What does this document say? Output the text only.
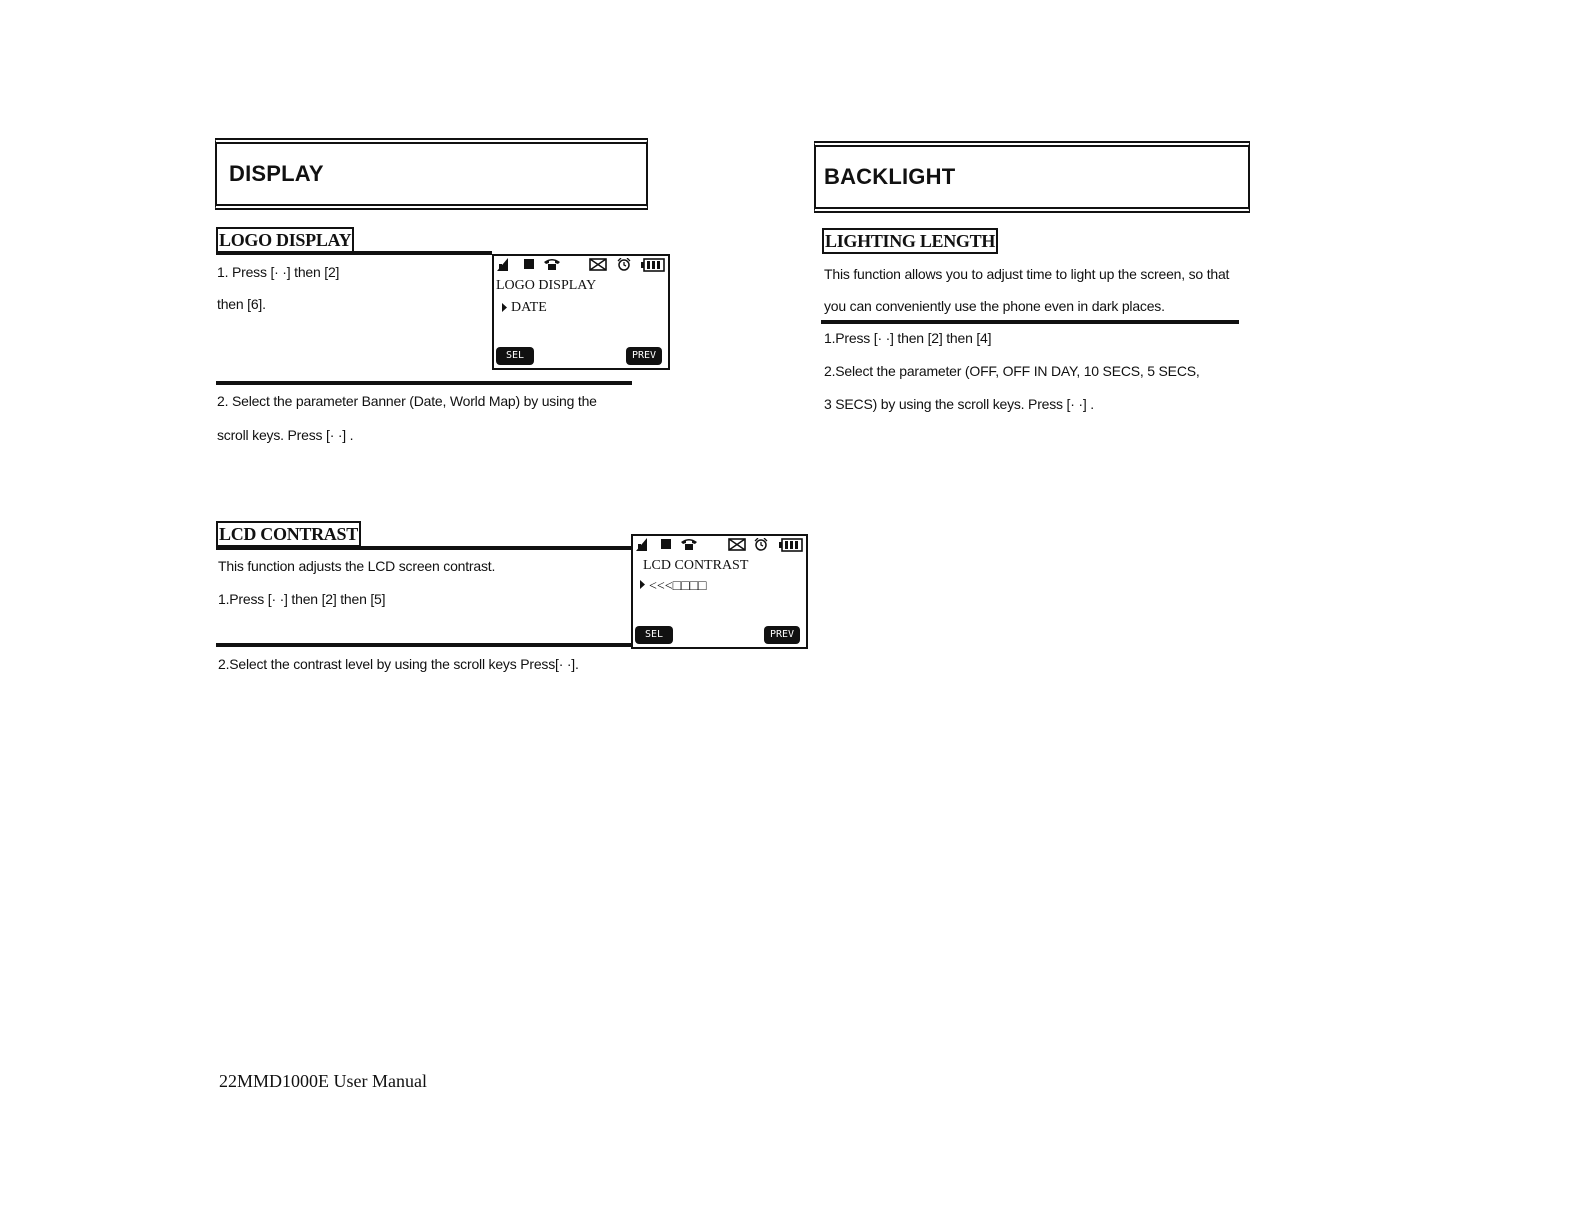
DISPLAY
LOGO DISPLAY
1. Press [· ·] then [2]
then [6].
LOGO DISPLAY
DATE
SEL	PREV
2. Select the parameter Banner (Date, World Map) by using the
scroll keys. Press [· ·] .
LCD CONTRAST
This function adjusts the LCD screen contrast.
1.Press [· ·] then [2] then [5]
LCD CONTRAST
<<<□□□□
SEL	PREV
2.Select the contrast level by using the scroll keys Press[· ·].
BACKLIGHT
LIGHTING LENGTH
This function allows you to adjust time to light up the screen, so that
you can conveniently use the phone even in dark places.
1.Press [· ·] then [2] then [4]
2.Select the parameter (OFF, OFF IN DAY, 10 SECS, 5 SECS,
3 SECS) by using the scroll keys. Press [· ·] .
22MMD1000E User Manual
